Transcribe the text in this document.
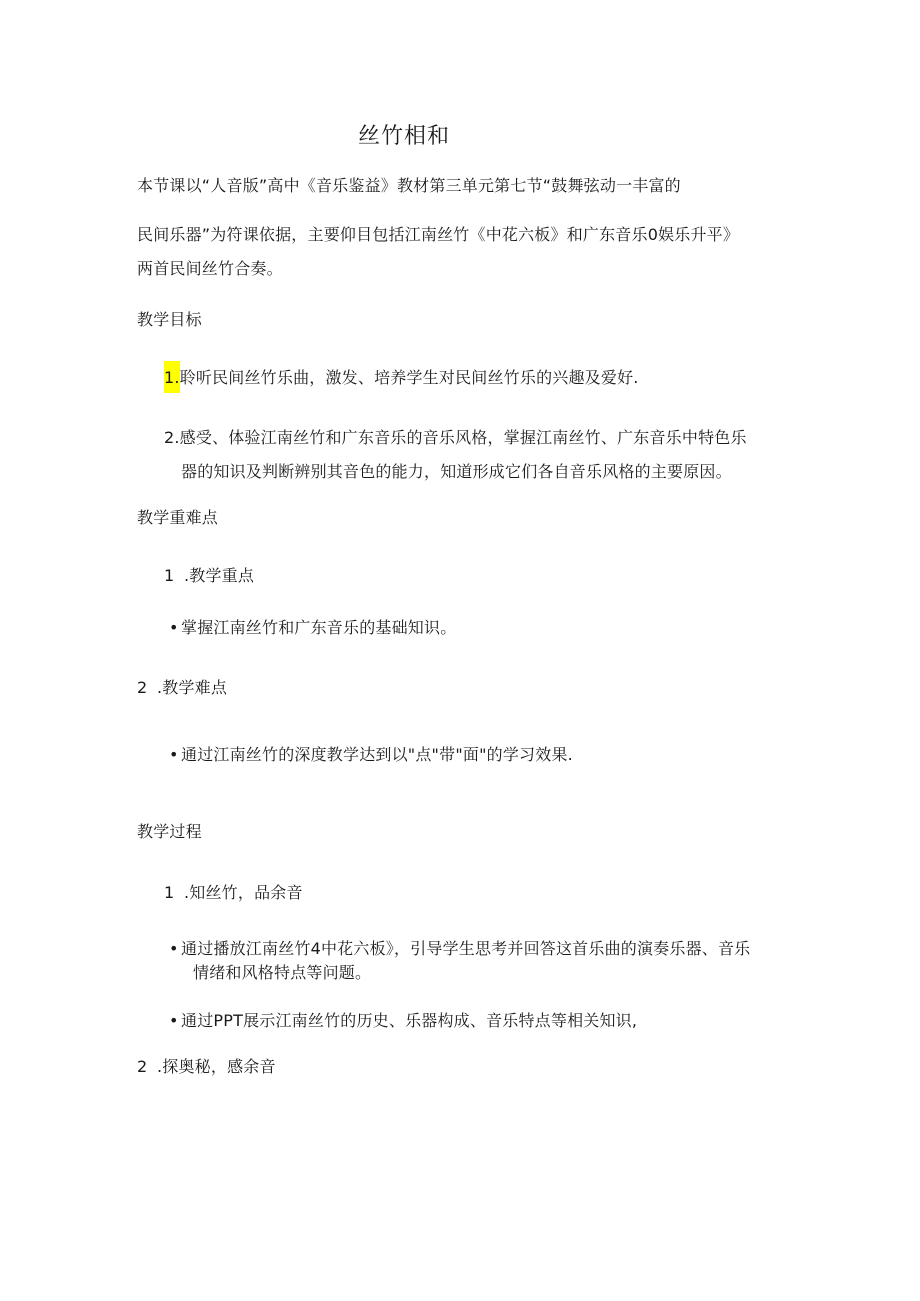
丝竹相和
本节课以“人音版”高中《音乐鉴益》教材第三单元第七节“鼓舞弦动一丰富的
民间乐器”为符课依据，主要仰目包括江南丝竹《中花六板》和广东音乐0娱乐升平》
两首民间丝竹合奏。
教学目标
1.聆听民间丝竹乐曲，激发、培养学生对民间丝竹乐的兴趣及爱好.
2.感受、体验江南丝竹和广东音乐的音乐风格，掌握江南丝竹、广东音乐中特色乐
器的知识及判断辨别其音色的能力，知道形成它们各自音乐风格的主要原因。
教学重难点
1 .教学重点
• 掌握江南丝竹和广东音乐的基础知识。
2 .教学难点
• 通过江南丝竹的深度教学达到以"点"带"面"的学习效果.
教学过程
1 .知丝竹，品余音
• 通过播放江南丝竹4中花六板》，引导学生思考并回答这首乐曲的演奏乐器、音乐
情绪和风格特点等问题。
• 通过PPT展示江南丝竹的历史、乐器构成、音乐特点等相关知识,
2 .探奥秘，感余音
